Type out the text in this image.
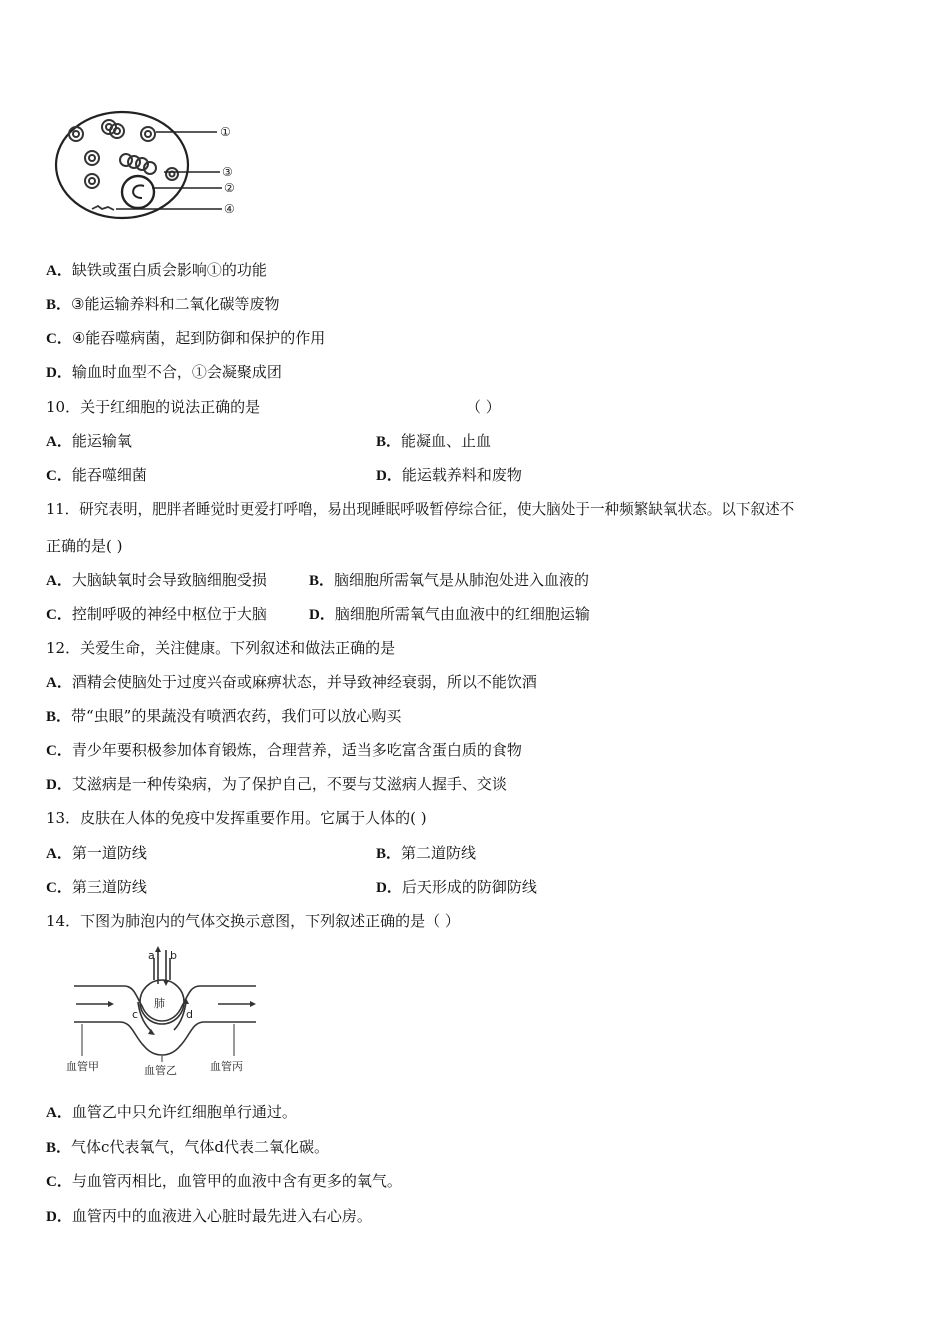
①
③
②
④
A．缺铁或蛋白质会影响①的功能
B．③能运输养料和二氧化碳等废物
C．④能吞噬病菌，起到防御和保护的作用
D．输血时血型不合，①会凝聚成团
10．关于红细胞的说法正确的是	（ ）
A．能运输氧	B．能凝血、止血
C．能吞噬细菌	D．能运载养料和废物
11．研究表明，肥胖者睡觉时更爱打呼噜，易出现睡眠呼吸暂停综合征，使大脑处于一种频繁缺氧状态。以下叙述不
正确的是( )
A．大脑缺氧时会导致脑细胞受损	B．脑细胞所需氧气是从肺泡处进入血液的
C．控制呼吸的神经中枢位于大脑	D．脑细胞所需氧气由血液中的红细胞运输
12．关爱生命，关注健康。下列叙述和做法正确的是
A．酒精会使脑处于过度兴奋或麻痹状态，并导致神经衰弱，所以不能饮酒
B．带“虫眼”的果蔬没有喷洒农药，我们可以放心购买
C．青少年要积极参加体育锻炼，合理营养，适当多吃富含蛋白质的食物
D．艾滋病是一种传染病，为了保护自己，不要与艾滋病人握手、交谈
13．皮肤在人体的免疫中发挥重要作用。它属于人体的( )
A．第一道防线	B．第二道防线
C．第三道防线	D．后天形成的防御防线
14．下图为肺泡内的气体交换示意图，下列叙述正确的是（ ）
肺
a b
c	d
血管甲	血管乙	血管丙
A．血管乙中只允许红细胞单行通过。
B．气体c代表氧气，气体d代表二氧化碳。
C．与血管丙相比，血管甲的血液中含有更多的氧气。
D．血管丙中的血液进入心脏时最先进入右心房。
